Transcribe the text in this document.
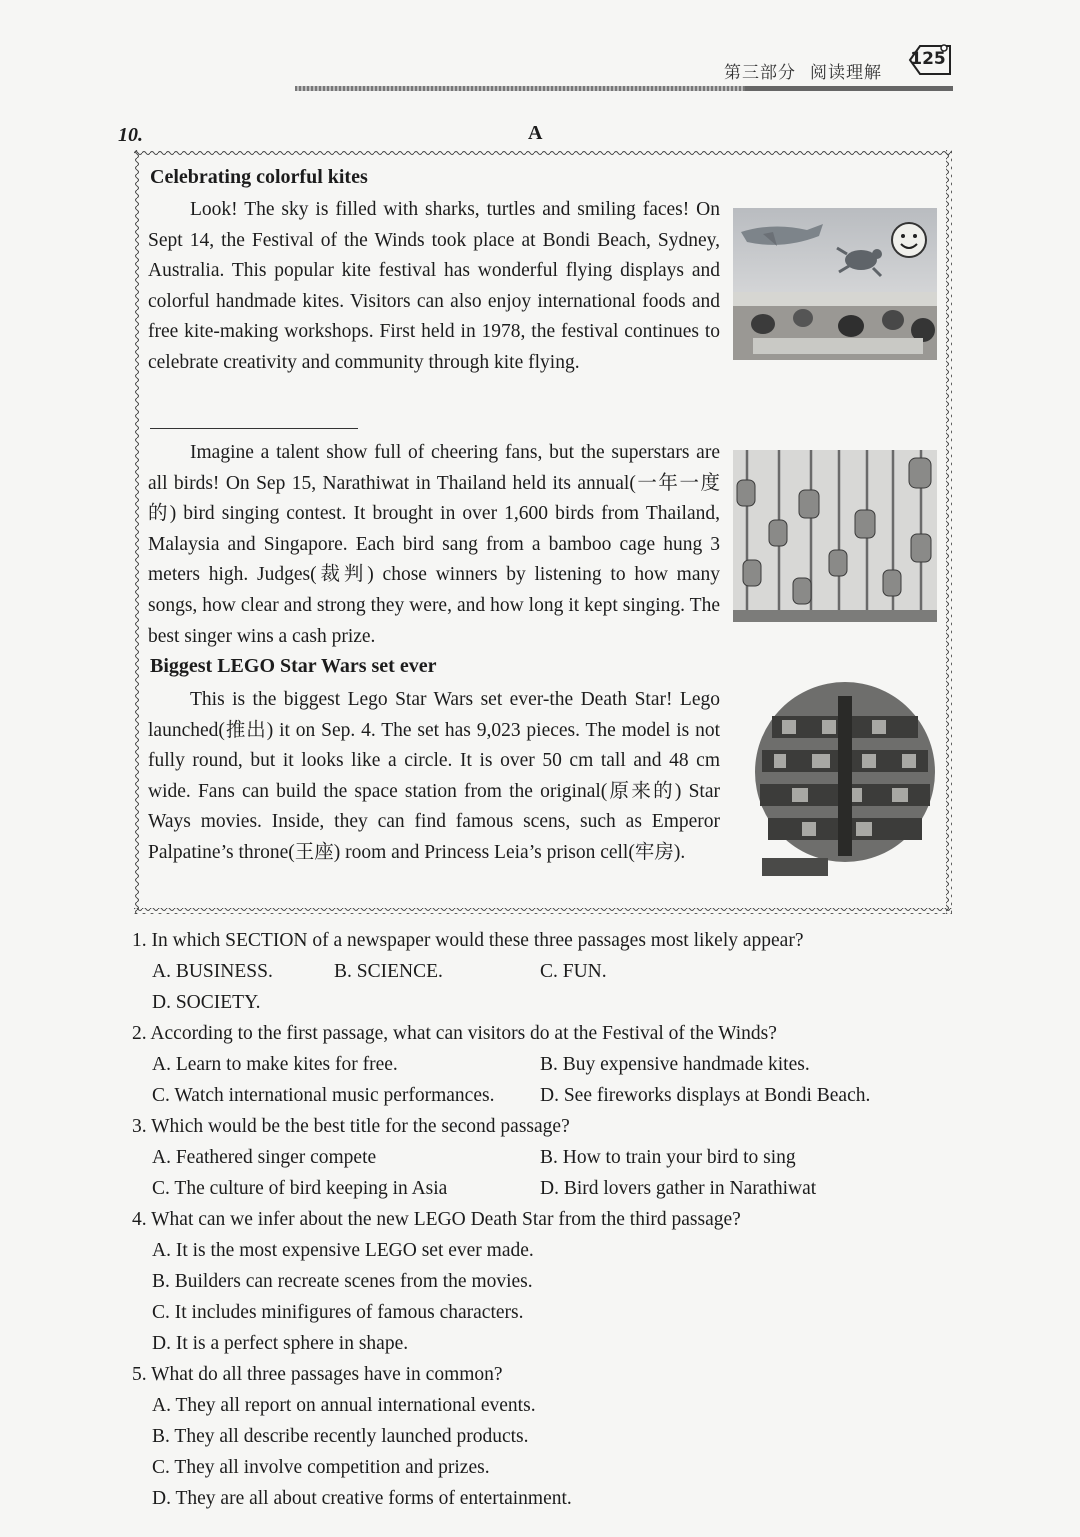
第三部分 阅读理解
125
10.	A
Celebrating colorful kites

Look! The sky is filled with sharks, turtles and smiling faces! On Sept 14, the Festival of the Winds took place at Bondi Beach, Sydney, Australia. This popular kite festival has wonderful flying displays and colorful handmade kites. Visitors can also enjoy international foods and free kite-making workshops. First held in 1978, the festival continues to celebrate creativity and community through kite flying.

Imagine a talent show full of cheering fans, but the superstars are all birds! On Sep 15, Narathiwat in Thailand held its annual(一年一度的) bird singing contest. It brought in over 1,600 birds from Thailand, Malaysia and Singapore. Each bird sang from a bamboo cage hung 3 meters high. Judges(裁判) chose winners by listening to how many songs, how clear and strong they were, and how long it kept singing. The best singer wins a cash prize.

Biggest LEGO Star Wars set ever

This is the biggest Lego Star Wars set ever-the Death Star! Lego launched(推出) it on Sep. 4. The set has 9,023 pieces. The model is not fully round, but it looks like a circle. It is over 50 cm tall and 48 cm wide. Fans can build the space station from the original(原来的) Star Ways movies. Inside, they can find famous scens, such as Emperor Palpatine’s throne(王座) room and Princess Leia’s prison cell(牢房).

1. In which SECTION of a newspaper would these three passages most likely appear?
A. BUSINESS.	B. SCIENCE.	C. FUN.
D. SOCIETY.
2. According to the first passage, what can visitors do at the Festival of the Winds?
A. Learn to make kites for free.	B. Buy expensive handmade kites.
C. Watch international music performances.	D. See fireworks displays at Bondi Beach.
3. Which would be the best title for the second passage?
A. Feathered singer compete	B. How to train your bird to sing
C. The culture of bird keeping in Asia	D. Bird lovers gather in Narathiwat
4. What can we infer about the new LEGO Death Star from the third passage?
A. It is the most expensive LEGO set ever made.
B. Builders can recreate scenes from the movies.
C. It includes minifigures of famous characters.
D. It is a perfect sphere in shape.
5. What do all three passages have in common?
A. They all report on annual international events.
B. They all describe recently launched products.
C. They all involve competition and prizes.
D. They are all about creative forms of entertainment.
